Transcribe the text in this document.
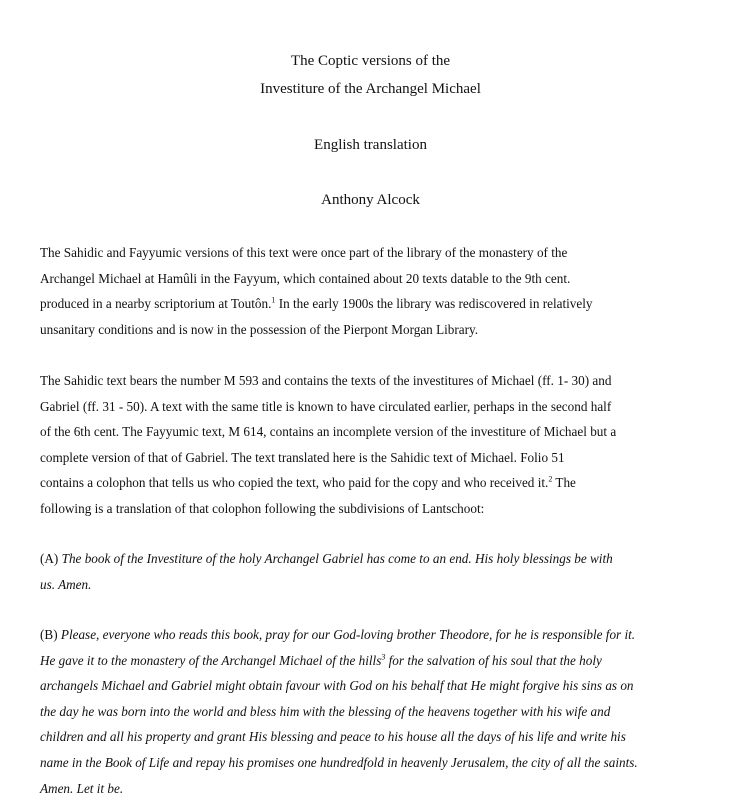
The Coptic versions of the
Investiture of the Archangel Michael
English translation
Anthony Alcock
The Sahidic and Fayyumic versions of this text were once part of the library of the monastery of the
Archangel Michael at Hamûli in the Fayyum, which contained about 20 texts datable to the 9th cent.
produced in a nearby scriptorium at Toutôn.$^1$ In the early 1900s the library was rediscovered in relatively
unsanitary conditions and is now in the possession of the Pierpont Morgan Library.
The Sahidic text bears the number M 593 and contains the texts of the investitures of Michael (ff. 1- 30) and
Gabriel (ff. 31 - 50). A text with the same title is known to have circulated earlier, perhaps in the second half
of the 6th cent. The Fayyumic text, M 614, contains an incomplete version of the investiture of Michael but a
complete version of that of Gabriel. The text translated here is the Sahidic text of Michael. Folio 51
contains a colophon that tells us who copied the text, who paid for the copy and who received it.$^2$ The
following is a translation of that colophon following the subdivisions of Lantschoot:
(A) The book of the Investiture of the holy Archangel Gabriel has come to an end. His holy blessings be with
us. Amen.
(B) Please, everyone who reads this book, pray for our God-loving brother Theodore, for he is responsible for it.
He gave it to the monastery of the Archangel Michael of the hills$^3$ for the salvation of his soul that the holy
archangels Michael and Gabriel might obtain favour with God on his behalf that He might forgive his sins as on
the day he was born into the world and bless him with the blessing of the heavens together with his wife and
children and all his property and grant His blessing and peace to his house all the days of his life and write his
name in the Book of Life and repay his promises one hundredfold in heavenly Jerusalem, the city of all the saints.
Amen. Let it be.
